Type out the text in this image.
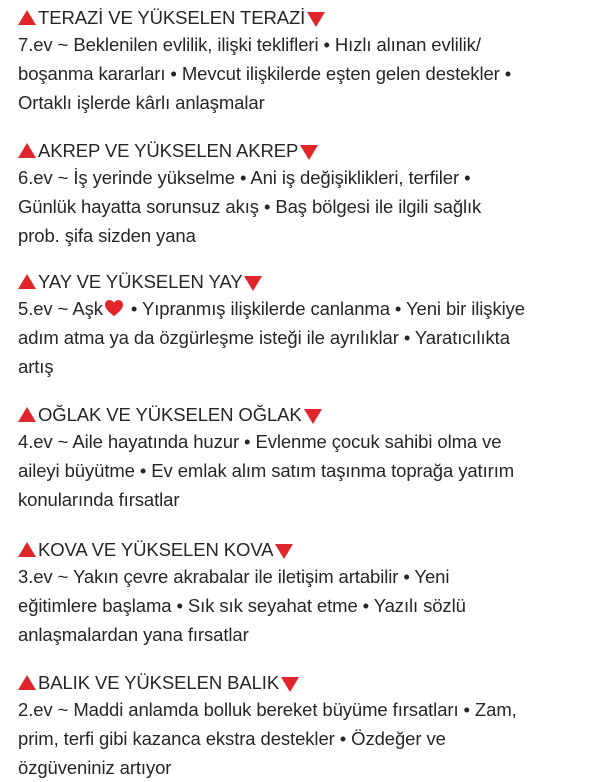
TERAZİ VE YÜKSELEN TERAZİ
7.ev ~ Beklenilen evlilik, ilişki teklifleri • Hızlı alınan evlilik/
boşanma kararları • Mevcut ilişkilerde eşten gelen destekler •
Ortaklı işlerde kârlı anlaşmalar
AKREP VE YÜKSELEN AKREP
6.ev ~ İş yerinde yükselme • Ani iş değişiklikleri, terfiler •
Günlük hayatta sorunsuz akış • Baş bölgesi ile ilgili sağlık
prob. şifa sizden yana
YAY VE YÜKSELEN YAY
5.ev ~ Aşk • Yıpranmış ilişkilerde canlanma • Yeni bir ilişkiye
adım atma ya da özgürleşme isteği ile ayrılıklar • Yaratıcılıkta
artış
OĞLAK VE YÜKSELEN OĞLAK
4.ev ~ Aile hayatında huzur • Evlenme çocuk sahibi olma ve
aileyi büyütme • Ev emlak alım satım taşınma toprağa yatırım
konularında fırsatlar
KOVA VE YÜKSELEN KOVA
3.ev ~ Yakın çevre akrabalar ile iletişim artabilir • Yeni
eğitimlere başlama • Sık sık seyahat etme • Yazılı sözlü
anlaşmalardan yana fırsatlar
BALIK VE YÜKSELEN BALIK
2.ev ~ Maddi anlamda bolluk bereket büyüme fırsatları • Zam,
prim, terfi gibi kazanca ekstra destekler • Özdeğer ve
özgüveniniz artıyor
